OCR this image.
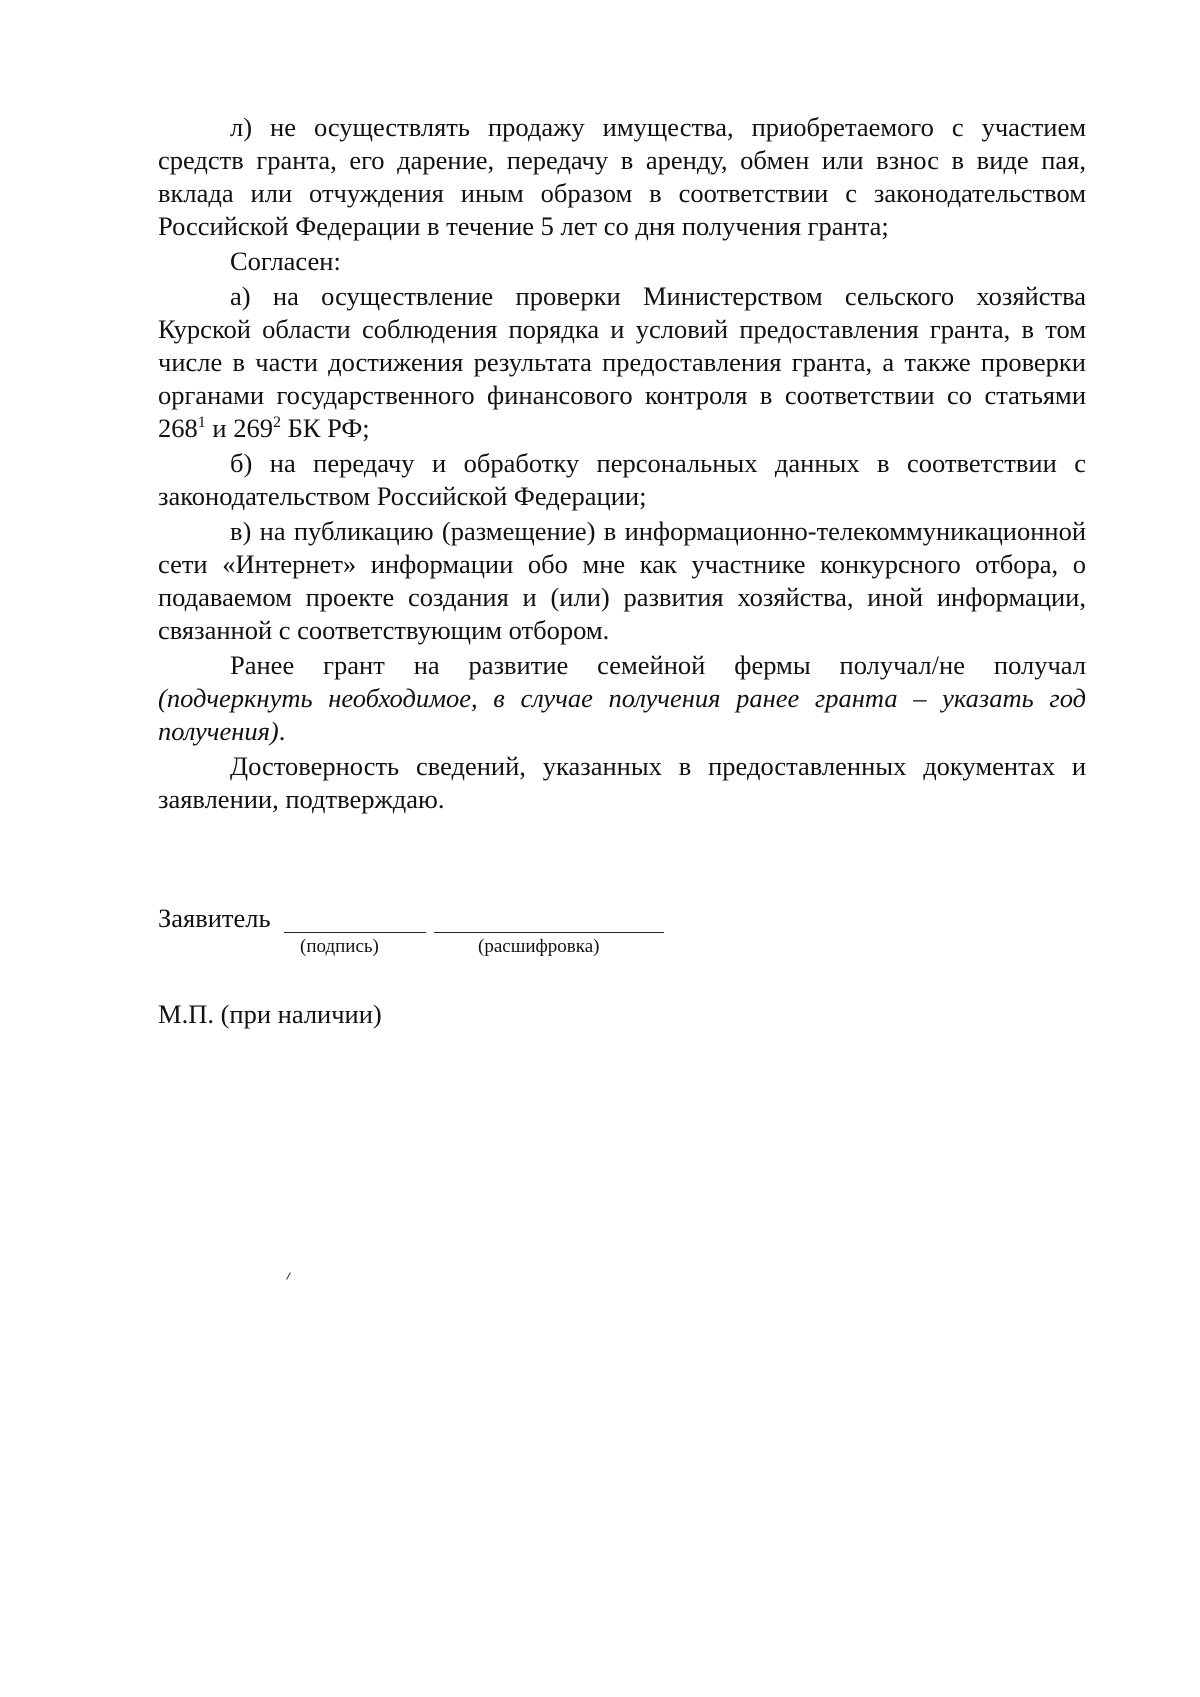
л) не осуществлять продажу имущества, приобретаемого с участием средств гранта, его дарение, передачу в аренду, обмен или взнос в виде пая, вклада или отчуждения иным образом в соответствии с законодательством Российской Федерации в течение 5 лет со дня получения гранта;

Согласен:

а) на осуществление проверки Министерством сельского хозяйства Курской области соблюдения порядка и условий предоставления гранта, в том числе в части достижения результата предоставления гранта, а также проверки органами государственного финансового контроля в соответствии со статьями $268^1$ и $269^2$ БК РФ;

б) на передачу и обработку персональных данных в соответствии с законодательством Российской Федерации;

в) на публикацию (размещение) в информационно-телекоммуникационной сети «Интернет» информации обо мне как участнике конкурсного отбора, о подаваемом проекте создания и (или) развития хозяйства, иной информации, связанной с соответствующим отбором.

Ранее грант на развитие семейной фермы получал/не получал (подчеркнуть необходимое, в случае получения ранее гранта – указать год получения).

Достоверность сведений, указанных в предоставленных документах и заявлении, подтверждаю.

Заявитель
(подпись)	(расшифровка)
М.П. (при наличии)
